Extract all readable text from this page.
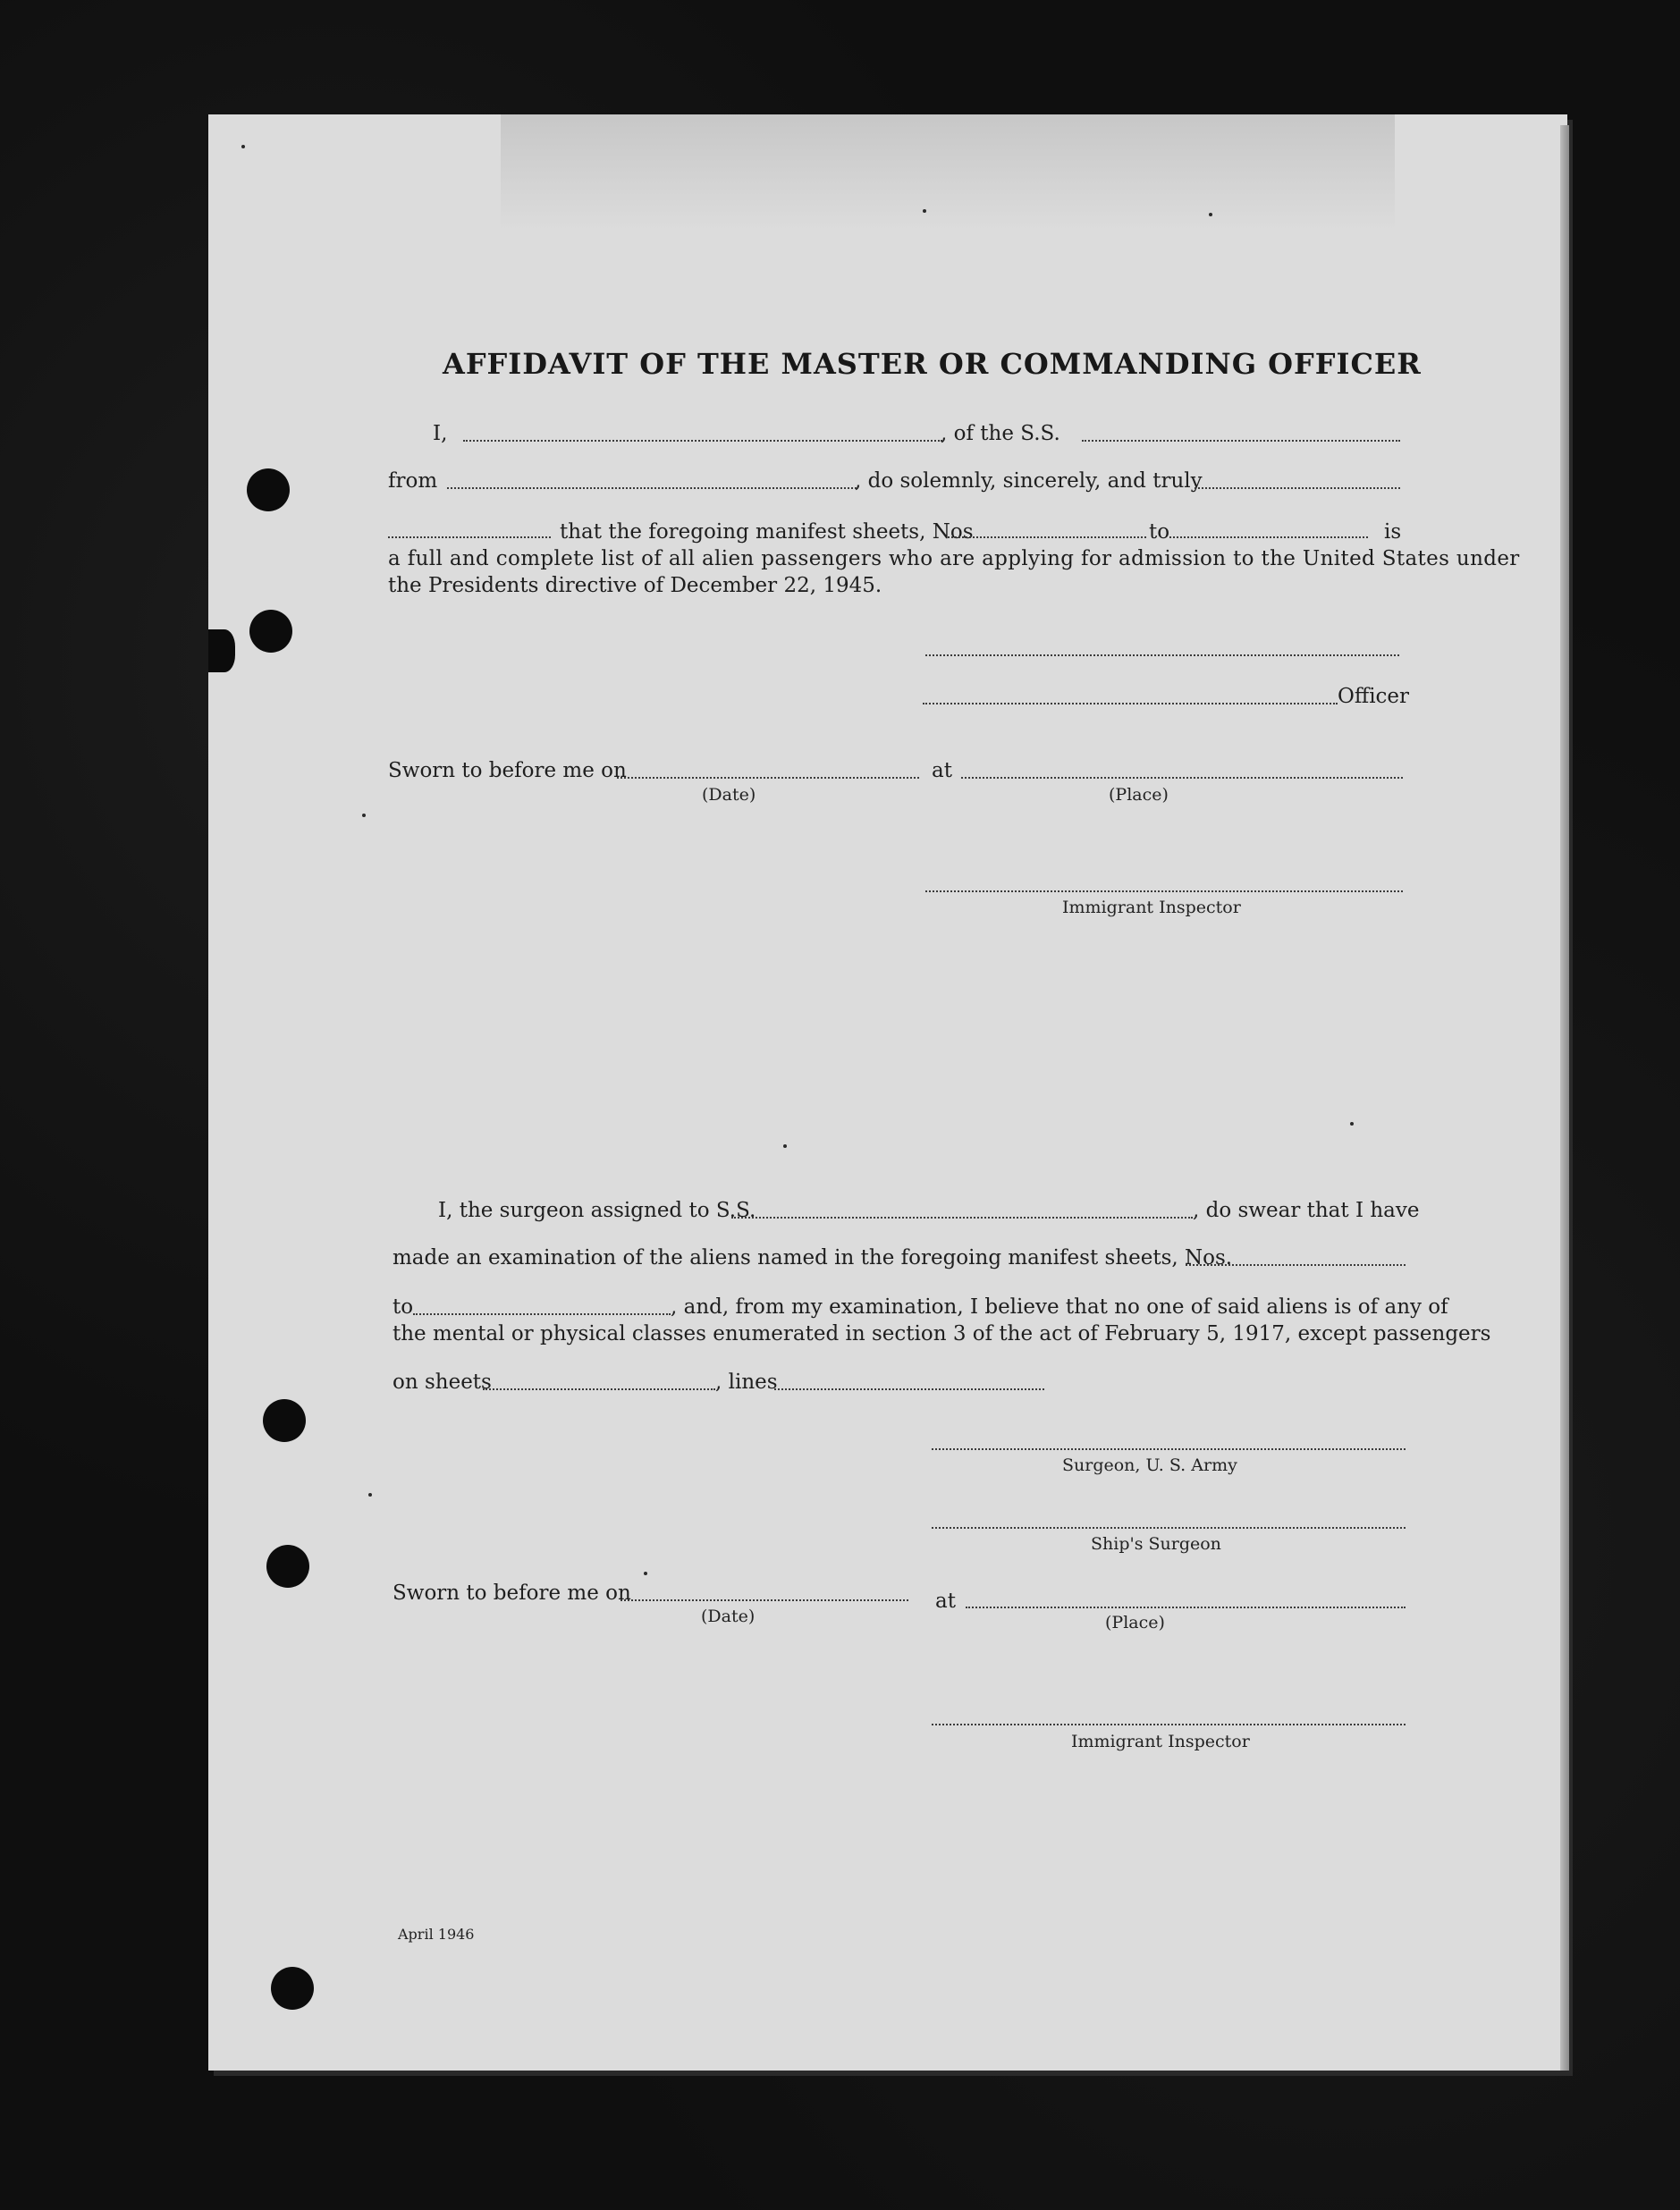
AFFIDAVIT OF THE MASTER OR COMMANDING OFFICER
I,	, of the S.S.
from	, do solemnly, sincerely, and truly
that the foregoing manifest sheets, Nos	to	is
a full and complete list of all alien passengers who are applying for admission to the United States under
the Presidents directive of December 22, 1945.
Officer
Sworn to before me on	at
(Date)	(Place)
Immigrant Inspector
I, the surgeon assigned to S.S.	, do swear that I have
made an examination of the aliens named in the foregoing manifest sheets, Nos.
to	, and, from my examination, I believe that no one of said aliens is of any of
the mental or physical classes enumerated in section 3 of the act of February 5, 1917, except passengers
on sheets	, lines
Surgeon, U. S. Army
Ship's Surgeon
Sworn to before me on	at
(Date)	(Place)
Immigrant Inspector
April 1946
